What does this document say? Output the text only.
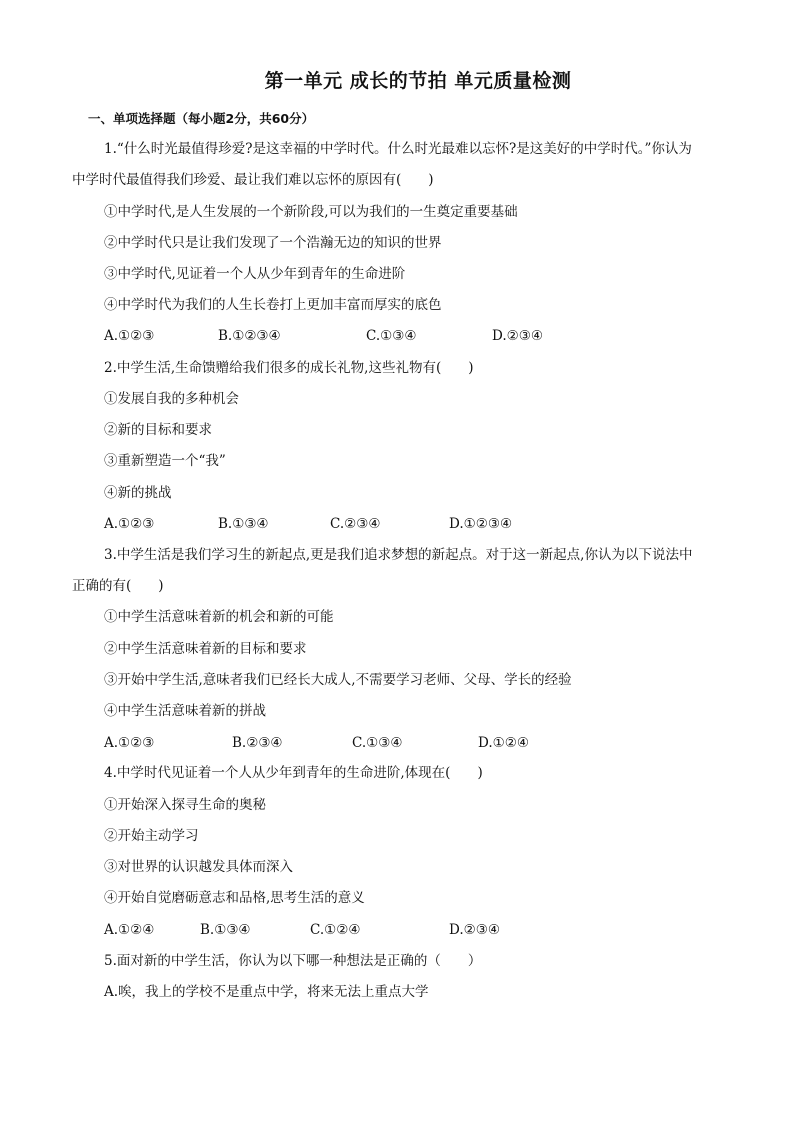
第一单元 成长的节拍 单元质量检测
一、单项选择题（每小题2分，共60分）
1.“什么时光最值得珍爱?是这幸福的中学时代。什么时光最难以忘怀?是这美好的中学时代。”你认为
中学时代最值得我们珍爱、最让我们难以忘怀的原因有(　　)
①中学时代,是人生发展的一个新阶段,可以为我们的一生奠定重要基础
②中学时代只是让我们发现了一个浩瀚无边的知识的世界
③中学时代,见证着一个人从少年到青年的生命进阶
④中学时代为我们的人生长卷打上更加丰富而厚实的底色
A.①②③	B.①②③④	C.①③④	D.②③④
2.中学生活,生命馈赠给我们很多的成长礼物,这些礼物有(　　)
①发展自我的多种机会
②新的目标和要求
③重新塑造一个“我”
④新的挑战
A.①②③	B.①③④	C.②③④	D.①②③④
3.中学生活是我们学习生的新起点,更是我们追求梦想的新起点。对于这一新起点,你认为以下说法中
正确的有(　　)
①中学生活意味着新的机会和新的可能
②中学生活意味着新的目标和要求
③开始中学生活,意味者我们已经长大成人,不需要学习老师、父母、学长的经验
④中学生活意味着新的拼战
A.①②③	B.②③④	C.①③④	D.①②④
4.中学时代见证着一个人从少年到青年的生命进阶,体现在(　　)
①开始深入探寻生命的奥秘
②开始主动学习
③对世界的认识越发具体而深入
④开始自觉磨砺意志和品格,思考生活的意义
A.①②④	B.①③④	C.①②④	D.②③④
5.面对新的中学生活，你认为以下哪一种想法是正确的（　　）
A.唉，我上的学校不是重点中学，将来无法上重点大学
